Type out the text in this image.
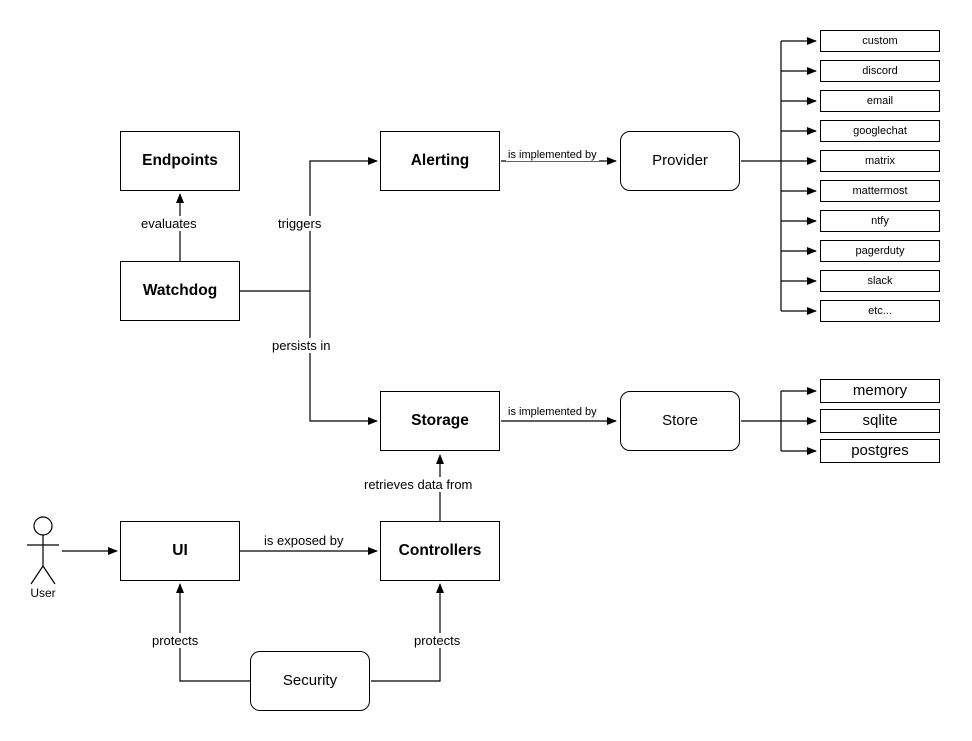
User
Endpoints
Watchdog
Alerting	Provider
Storage	Store
UI	Controllers
Security
custom
discord
email
googlechat
matrix
mattermost
ntfy
pagerduty
slack
etc...
memory
sqlite
postgres
evaluates	triggers
persists in
is implemented by
is implemented by
retrieves data from
is exposed by
protects	protects
